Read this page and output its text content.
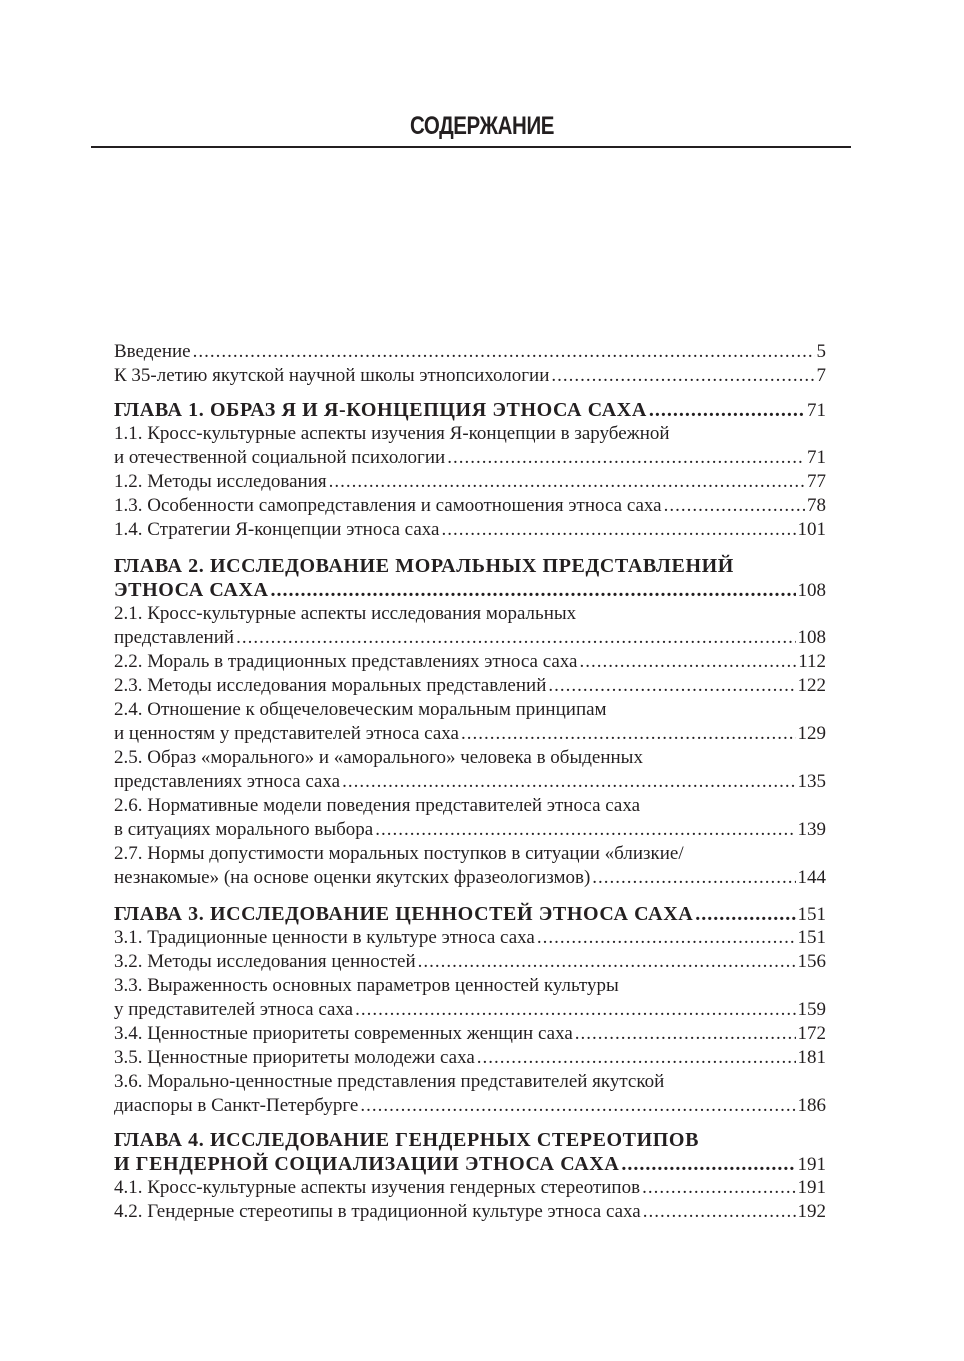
СОДЕРЖАНИЕ
Введение .....	5
К 35-летию якутской научной школы этнопсихологии .....	7
ГЛАВА 1. ОБРАЗ Я И Я-КОНЦЕПЦИЯ ЭТНОСА САХА .....	71
1.1. Кросс-культурные аспекты изучения Я-концепции в зарубежной
и отечественной социальной психологии .....	71
1.2. Методы исследования .....	77
1.3. Особенности самопредставления и самоотношения этноса саха .....	78
1.4. Стратегии Я-концепции этноса саха .....	101
ГЛАВА 2. ИССЛЕДОВАНИЕ МОРАЛЬНЫХ ПРЕДСТАВЛЕНИЙ
ЭТНОСА САХА .....	108
2.1. Кросс-культурные аспекты исследования моральных
представлений .....	108
2.2. Мораль в традиционных представлениях этноса саха .....	112
2.3. Методы исследования моральных представлений .....	122
2.4. Отношение к общечеловеческим моральным принципам
и ценностям у представителей этноса саха .....	129
2.5. Образ «морального» и «аморального» человека в обыденных
представлениях этноса саха .....	135
2.6. Нормативные модели поведения представителей этноса саха
в ситуациях морального выбора .....	139
2.7. Нормы допустимости моральных поступков в ситуации «близкие/
незнакомые» (на основе оценки якутских фразеологизмов) .....	144
ГЛАВА 3. ИССЛЕДОВАНИЕ ЦЕННОСТЕЙ ЭТНОСА САХА .....	151
3.1. Традиционные ценности в культуре этноса саха .....	151
3.2. Методы исследования ценностей .....	156
3.3. Выраженность основных параметров ценностей культуры
у представителей этноса саха .....	159
3.4. Ценностные приоритеты современных женщин саха .....	172
3.5. Ценностные приоритеты молодежи саха .....	181
3.6. Морально-ценностные представления представителей якутской
диаспоры в Санкт-Петербурге .....	186
ГЛАВА 4. ИССЛЕДОВАНИЕ ГЕНДЕРНЫХ СТЕРЕОТИПОВ
И ГЕНДЕРНОЙ СОЦИАЛИЗАЦИИ ЭТНОСА САХА .....	191
4.1. Кросс-культурные аспекты изучения гендерных стереотипов .....	191
4.2. Гендерные стереотипы в традиционной культуре этноса саха .....	192
